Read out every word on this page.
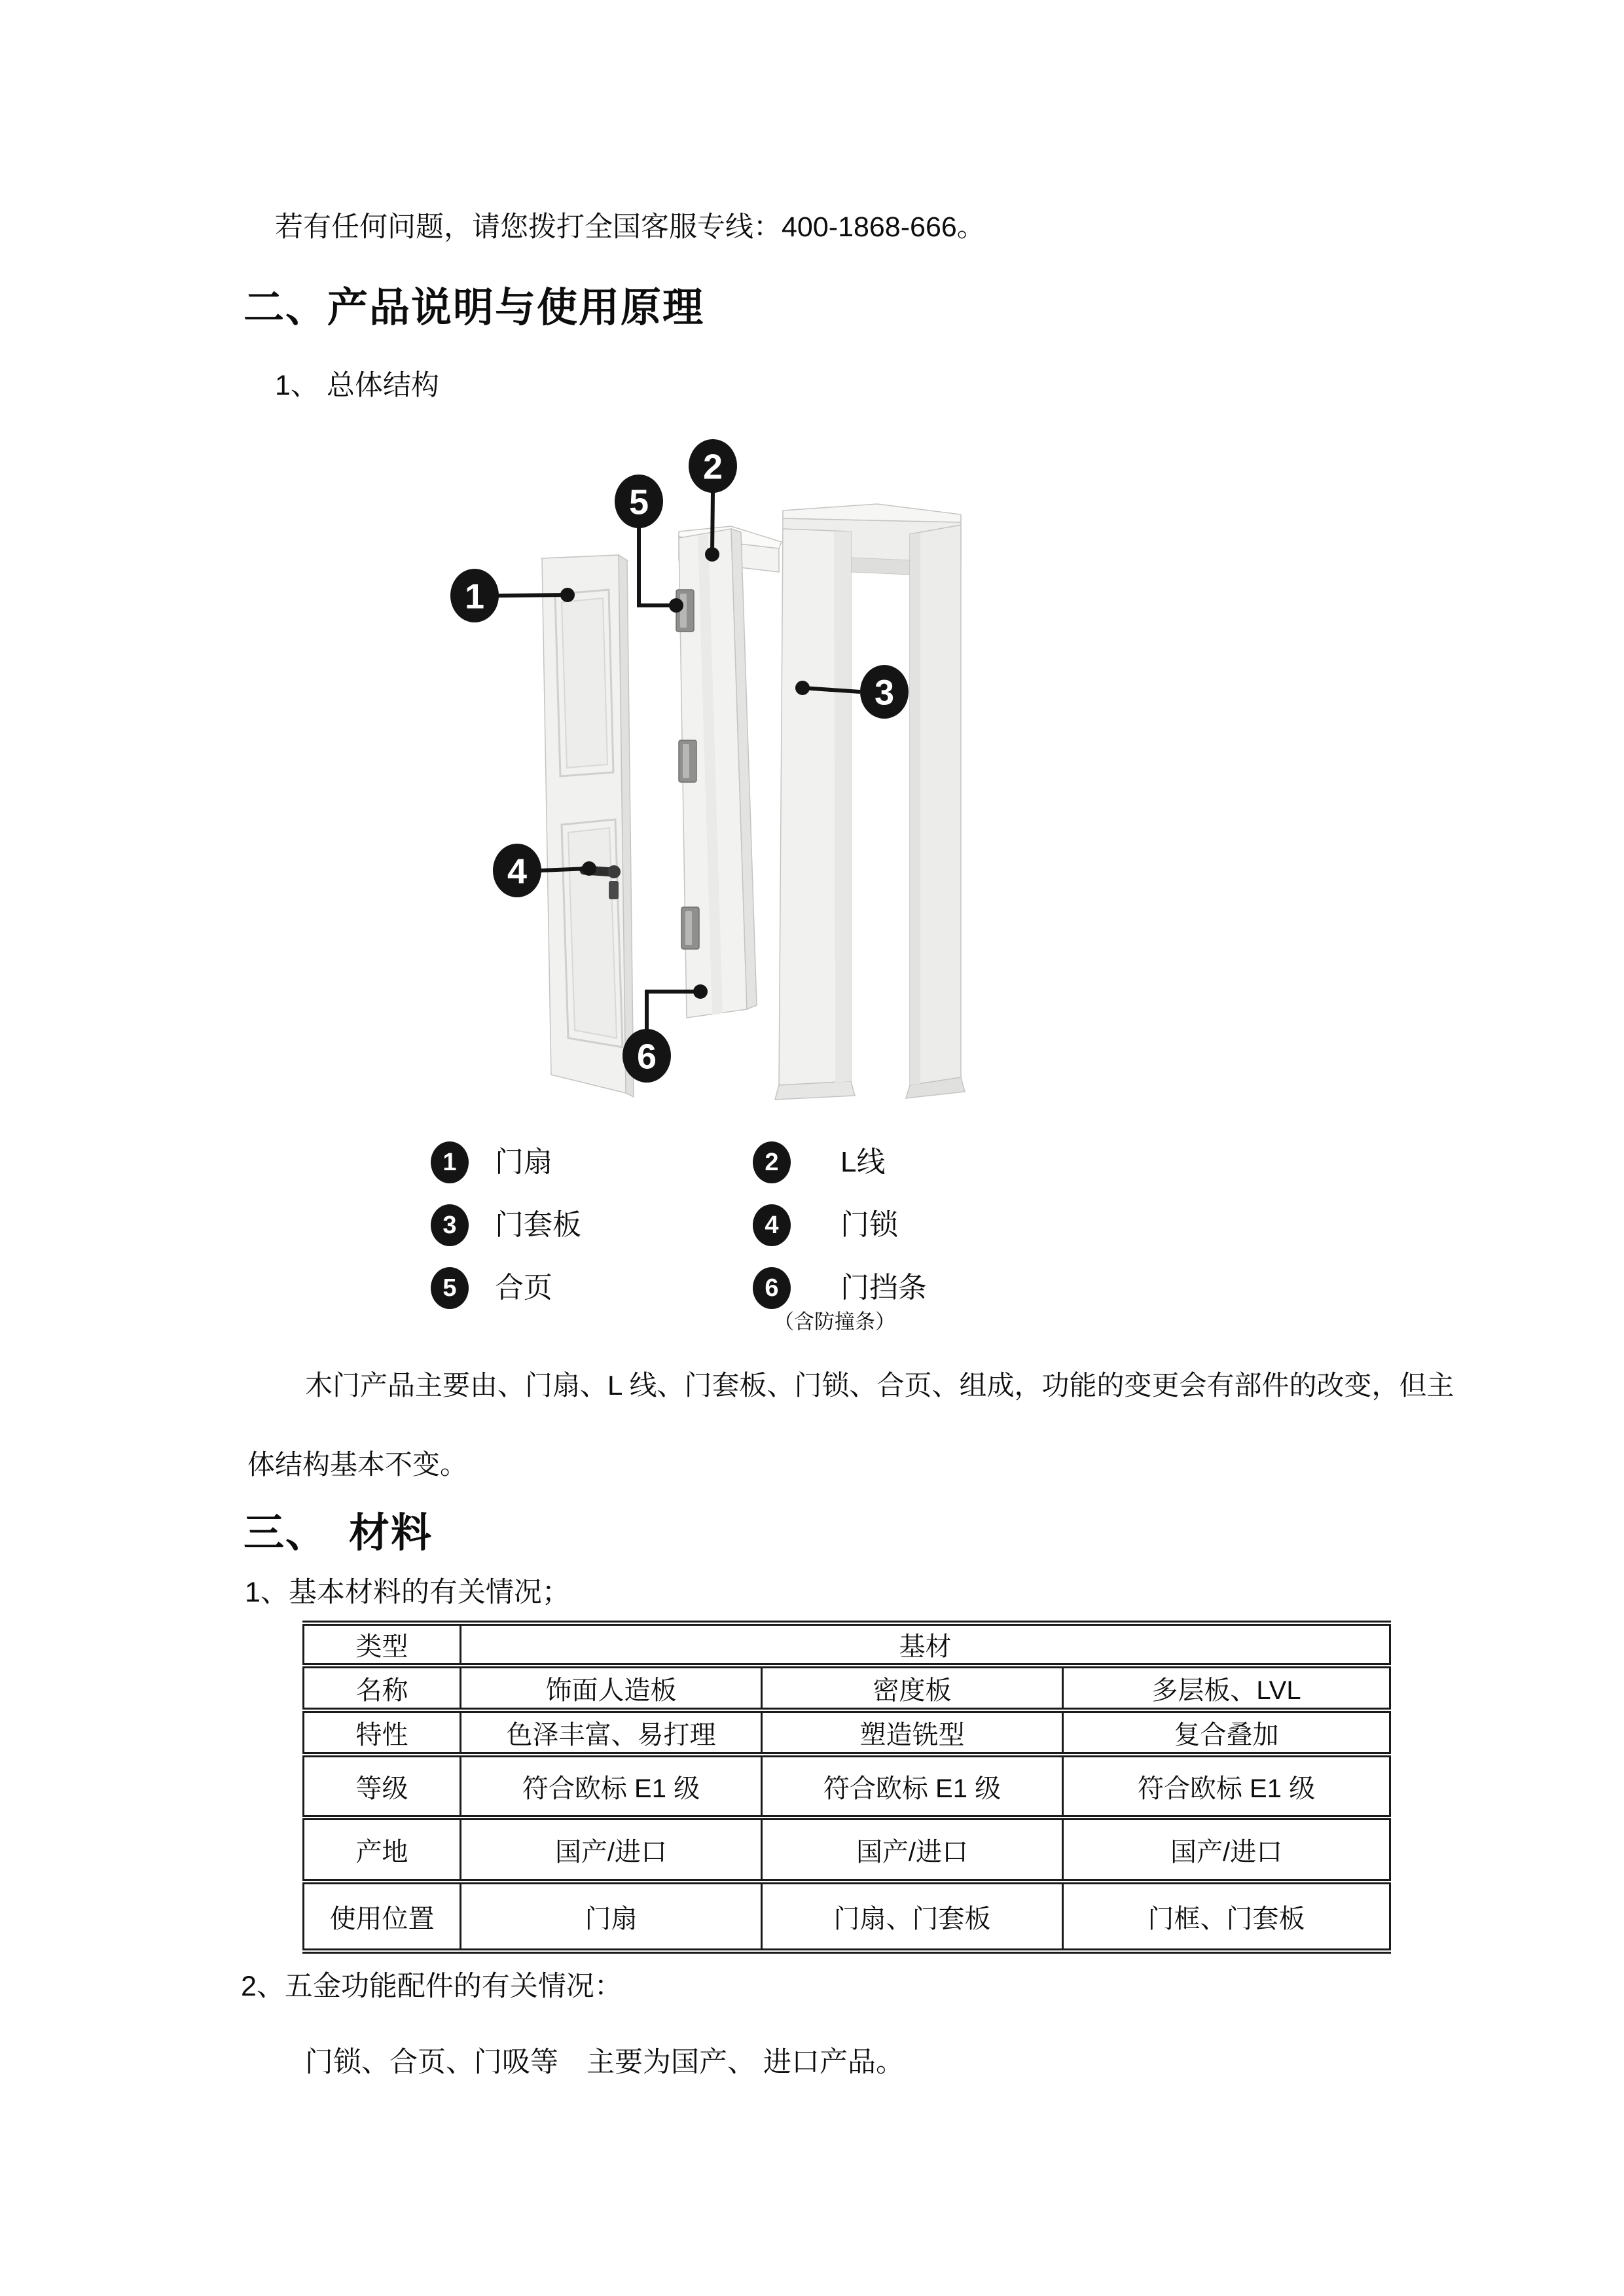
若有任何问题，请您拨打全国客服专线：400-1868-666。
二、产品说明与使用原理
1、 总体结构
1
2
3
4
5
6
1	门扇	2	L线
3	门套板	4	门锁
5	合页	6	门挡条
（含防撞条）
木门产品主要由、门扇、L 线、门套板、门锁、合页、组成，功能的变更会有部件的改变，但主
体结构基本不变。
三、　材料
1、基本材料的有关情况；
类型	基材		
名称	饰面人造板	密度板	多层板、LVL
特性	色泽丰富、易打理	塑造铣型	复合叠加
等级	符合欧标 E1 级	符合欧标 E1 级	符合欧标 E1 级
产地	国产/进口	国产/进口	国产/进口
使用位置	门扇	门扇、门套板	门框、门套板
2、五金功能配件的有关情况：
门锁、合页、门吸等　主要为国产、 进口产品。
